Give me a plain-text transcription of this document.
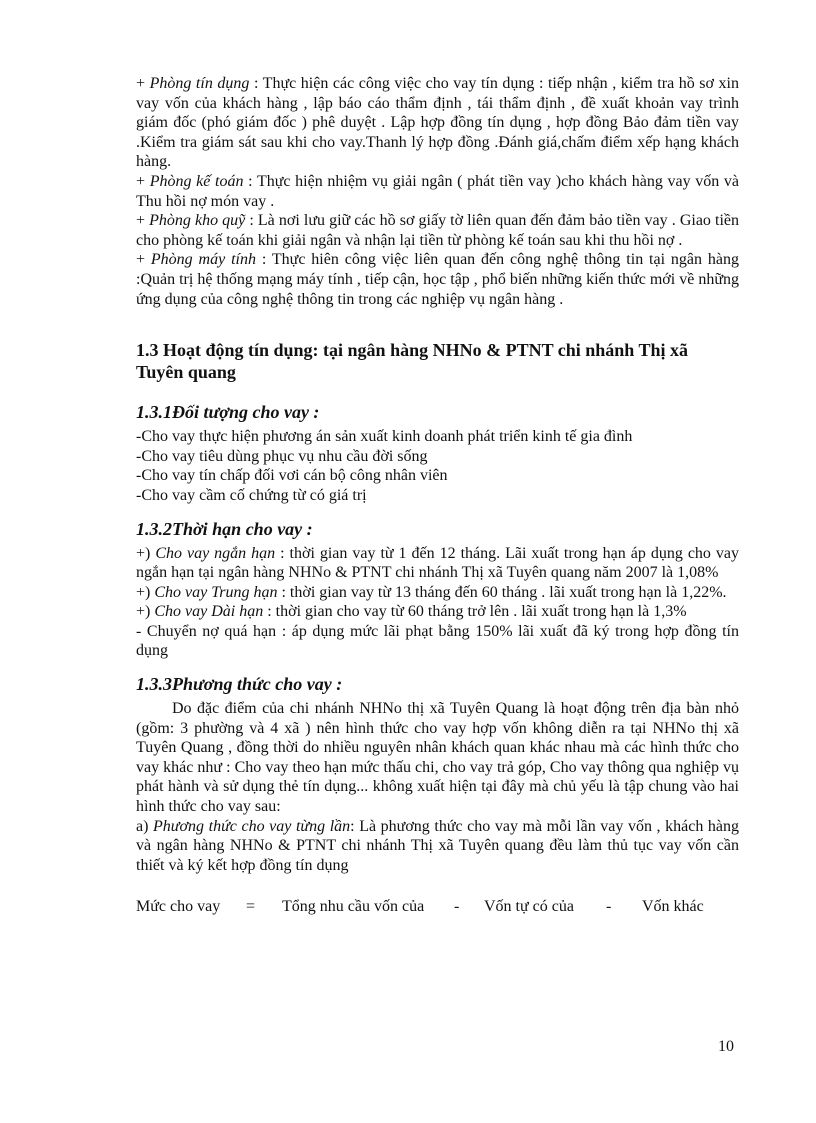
+ Phòng tín dụng : Thực hiện các công việc cho vay tín dụng : tiếp nhận , kiểm tra hồ sơ xin vay vốn của khách hàng , lập báo cáo thẩm định , tái thẩm định , đề xuất khoản vay trình giám đốc (phó giám đốc ) phê duyệt . Lập hợp đồng tín dụng , hợp đồng Bảo đảm tiền vay .Kiểm tra giám sát sau khi cho vay.Thanh lý hợp đồng .Đánh giá,chấm điểm xếp hạng khách hàng.

+ Phòng kế toán : Thực hiện nhiệm vụ giải ngân ( phát tiền vay )cho khách hàng vay vốn và Thu hồi nợ món vay .

+ Phòng kho quỹ : Là nơi lưu giữ các hồ sơ giấy tờ liên quan đến đảm bảo tiền vay . Giao tiền cho phòng kế toán khi giải ngân và nhận lại tiền từ phòng kế toán sau khi thu hồi nợ .

+ Phòng máy tính : Thực hiên công việc liên quan đến công nghệ thông tin tại ngân hàng :Quản trị hệ thống mạng máy tính , tiếp cận, học tập , phổ biến những kiến thức mới về những ứng dụng của công nghệ thông tin trong các nghiệp vụ ngân hàng .

1.3 Hoạt động tín dụng: tại ngân hàng NHNo & PTNT chi nhánh Thị xã Tuyên quang

1.3.1Đối tượng cho vay :

-Cho vay thực hiện phương án sản xuất kinh doanh phát triển kinh tế gia đình

-Cho vay tiêu dùng phục vụ nhu cầu đời sống

-Cho vay tín chấp đối vơi cán bộ công nhân viên

-Cho vay cầm cố chứng từ có giá trị

1.3.2Thời hạn cho vay :

+) Cho vay ngắn hạn : thời gian vay từ 1 đến 12 tháng. Lãi xuất trong hạn áp dụng cho vay ngắn hạn tại ngân hàng NHNo & PTNT chi nhánh Thị xã Tuyên quang năm 2007 là 1,08%

+) Cho vay Trung hạn : thời gian vay từ 13 tháng đến 60 tháng . lãi xuất trong hạn là 1,22%.

+) Cho vay Dài hạn : thời gian cho vay từ 60 tháng trở lên . lãi xuất trong hạn là 1,3%

- Chuyển nợ quá hạn : áp dụng mức lãi phạt bằng 150% lãi xuất đã ký trong hợp đồng tín dụng

1.3.3Phương thức cho vay :

Do đặc điểm của chi nhánh NHNo thị xã Tuyên Quang là hoạt động trên địa bàn nhỏ (gồm: 3 phường và 4 xã ) nên hình thức cho vay hợp vốn không diễn ra tại NHNo thị xã Tuyên Quang , đồng thời do nhiều nguyên nhân khách quan khác nhau mà các hình thức cho vay khác như : Cho vay theo hạn mức thấu chi, cho vay trả góp, Cho vay thông qua nghiệp vụ phát hành và sử dụng thẻ tín dụng... không xuất hiện tại đây mà chủ yếu là tập chung vào hai hình thức cho vay sau:

a) Phương thức cho vay từng lần: Là phương thức cho vay mà mỗi lần vay vốn , khách hàng và ngân hàng NHNo & PTNT chi nhánh Thị xã Tuyên quang đều làm thủ tục vay vốn cần thiết và ký kết hợp đồng tín dụng

Mức cho vay	=	Tổng nhu cầu vốn của	-	Vốn tự có của	-	Vốn khác
10
